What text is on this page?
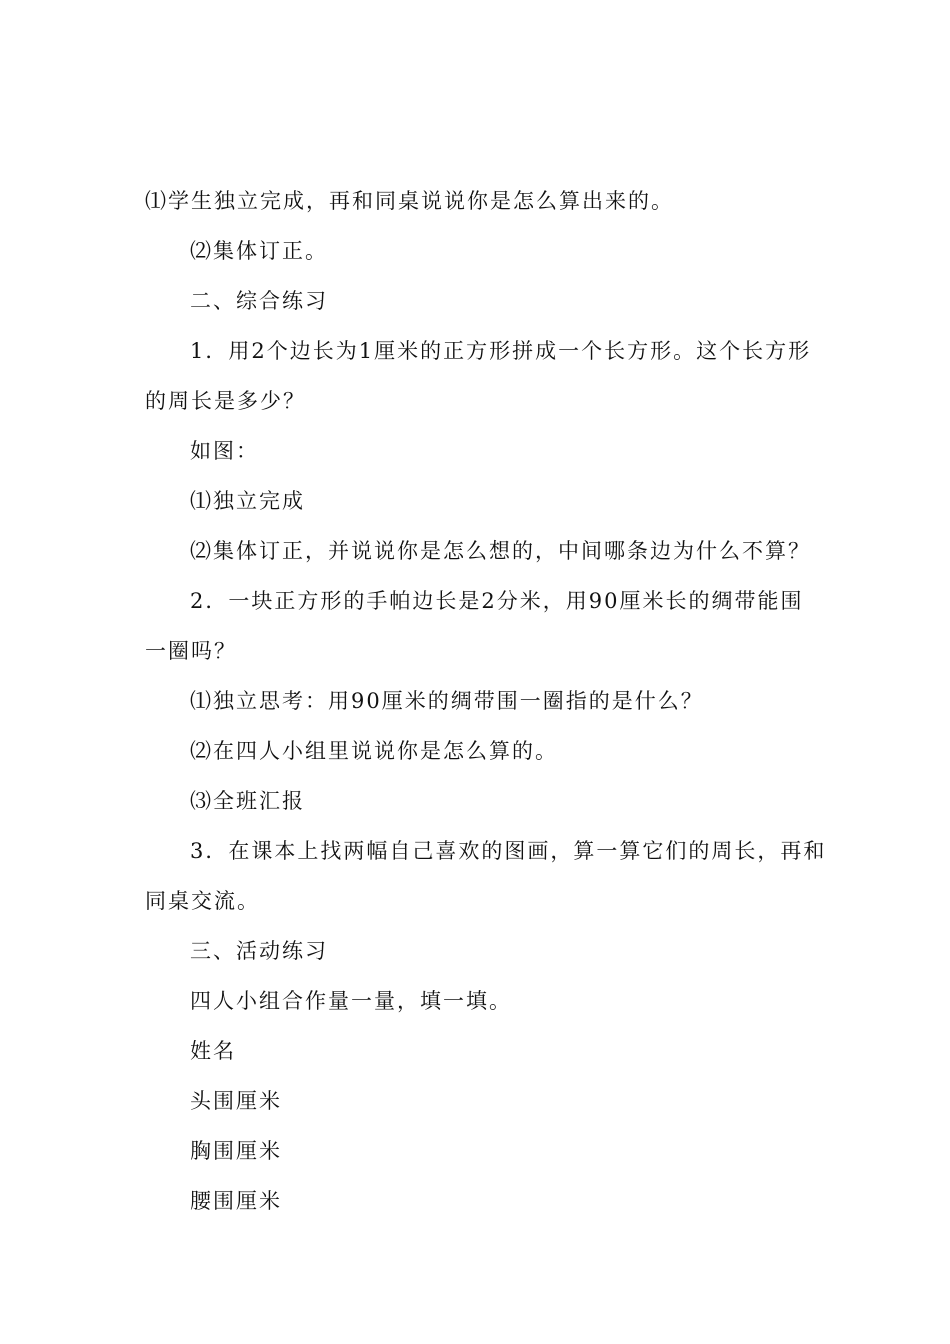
⑴学生独立完成，再和同桌说说你是怎么算出来的。

⑵集体订正。

二、综合练习

1．用2个边长为1厘米的正方形拼成一个长方形。这个长方形

的周长是多少？

如图：

⑴独立完成

⑵集体订正，并说说你是怎么想的，中间哪条边为什么不算？

2．一块正方形的手帕边长是2分米，用90厘米长的绸带能围

一圈吗？

⑴独立思考：用90厘米的绸带围一圈指的是什么？

⑵在四人小组里说说你是怎么算的。

⑶全班汇报

3．在课本上找两幅自己喜欢的图画，算一算它们的周长，再和

同桌交流。

三、活动练习

四人小组合作量一量，填一填。

姓名

头围厘米

胸围厘米

腰围厘米
